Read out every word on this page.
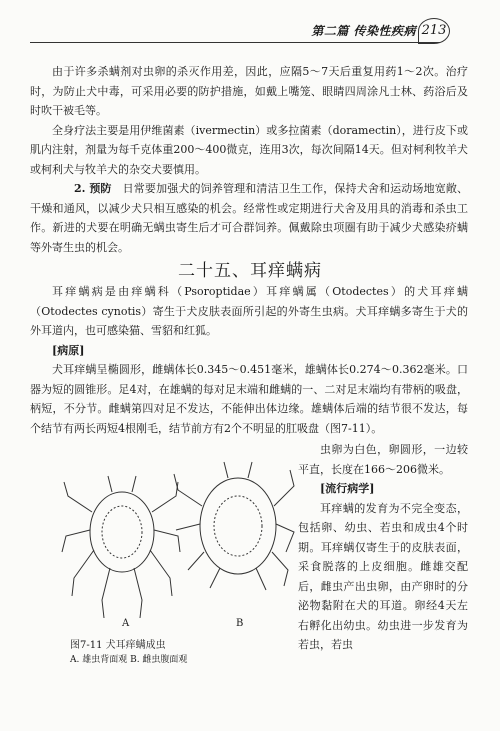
第二篇 传染性疾病 213

由于许多杀螨剂对虫卵的杀灭作用差，因此，应隔5～7天后重复用药1～2次。治疗时，为防止犬中毒，可采用必要的防护措施，如戴上嘴笼、眼睛四周涂凡士林、药浴后及时吹干被毛等。

全身疗法主要是用伊维菌素（ivermectin）或多拉菌素（doramectin），进行皮下或肌内注射，剂量为每千克体重200～400微克，连用3次，每次间隔14天。但对柯利牧羊犬或柯利犬与牧羊犬的杂交犬要慎用。

2. 预防　 日常要加强犬的饲养管理和清洁卫生工作，保持犬舍和运动场地宽敞、干燥和通风，以减少犬只相互感染的机会。经常性或定期进行犬舍及用具的消毒和杀虫工作。新进的犬要在明确无螨虫寄生后才可合群饲养。佩戴除虫项圈有助于减少犬感染疥螨等外寄生虫的机会。

二十五、耳痒螨病

耳痒螨病是由痒螨科（Psoroptidae）耳痒螨属（Otodectes）的犬耳痒螨（Otodectes cynotis）寄生于犬皮肤表面所引起的外寄生虫病。犬耳痒螨多寄生于犬的外耳道内，也可感染猫、雪貂和红狐。

[病原]

犬耳痒螨呈椭圆形，雌螨体长0.345～0.451毫米，雄螨体长0.274～0.362毫米。口器为短的圆锥形。足4对，在雄螨的每对足末端和雌螨的一、二对足末端均有带柄的吸盘，柄短，不分节。雌螨第四对足不发达，不能伸出体边缘。雄螨体后端的结节很不发达，每个结节有两长两短4根刚毛，结节前方有2个不明显的肛吸盘（图7-11）。

A	B
图7-11 犬耳痒螨成虫
A. 雄虫背面观 B. 雌虫腹面观

虫卵为白色，卵圆形，一边较平直，长度在166～206微米。

[流行病学]

耳痒螨的发育为不完全变态，包括卵、幼虫、若虫和成虫4个时期。耳痒螨仅寄生于的皮肤表面，采食脱落的上皮细胞。雌雄交配后，雌虫产出虫卵，由产卵时的分泌物黏附在犬的耳道。卵经4天左右孵化出幼虫。幼虫进一步发育为若虫，若虫
